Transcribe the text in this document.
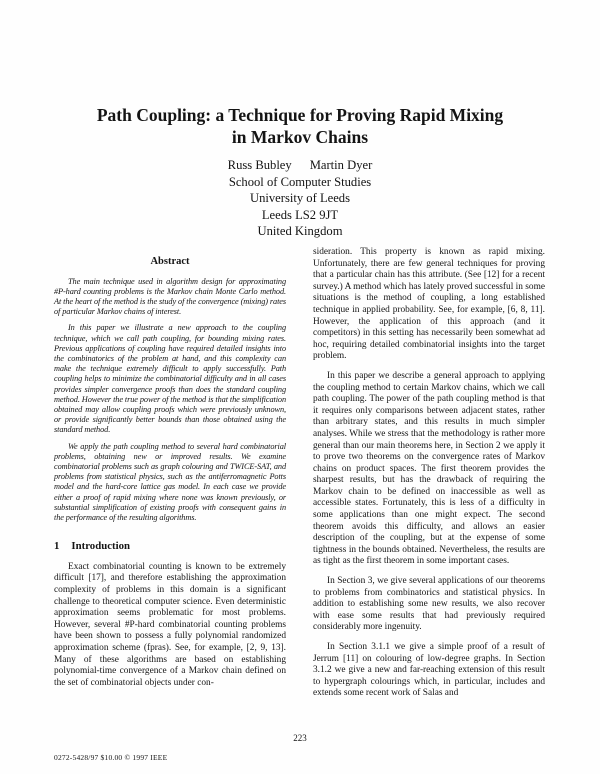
Path Coupling: a Technique for Proving Rapid Mixing
in Markov Chains
Russ Bubley Martin Dyer
School of Computer Studies
University of Leeds
Leeds LS2 9JT
United Kingdom
Abstract

The main technique used in algorithm design for approximating #P-hard counting problems is the Markov chain Monte Carlo method. At the heart of the method is the study of the convergence (mixing) rates of particular Markov chains of interest.

In this paper we illustrate a new approach to the coupling technique, which we call path coupling, for bounding mixing rates. Previous applications of coupling have required detailed insights into the combinatorics of the problem at hand, and this complexity can make the technique extremely difficult to apply successfully. Path coupling helps to minimize the combinatorial difficulty and in all cases provides simpler convergence proofs than does the standard coupling method. However the true power of the method is that the simplification obtained may allow coupling proofs which were previously unknown, or provide significantly better bounds than those obtained using the standard method.

We apply the path coupling method to several hard combinatorial problems, obtaining new or improved results. We examine combinatorial problems such as graph colouring and TWICE-SAT, and problems from statistical physics, such as the antiferromagnetic Potts model and the hard-core lattice gas model. In each case we provide either a proof of rapid mixing where none was known previously, or substantial simplification of existing proofs with consequent gains in the performance of the resulting algorithms.

1 Introduction

Exact combinatorial counting is known to be extremely difficult [17], and therefore establishing the approximation complexity of problems in this domain is a significant challenge to theoretical computer science. Even deterministic approximation seems problematic for most problems. However, several #P-hard combinatorial counting problems have been shown to possess a fully polynomial randomized approximation scheme (fpras). See, for example, [2, 9, 13]. Many of these algorithms are based on establishing polynomial-time convergence of a Markov chain defined on the set of combinatorial objects under con-

sideration. This property is known as rapid mixing. Unfortunately, there are few general techniques for proving that a particular chain has this attribute. (See [12] for a recent survey.) A method which has lately proved successful in some situations is the method of coupling, a long established technique in applied probability. See, for example, [6, 8, 11]. However, the application of this approach (and it competitors) in this setting has necessarily been somewhat ad hoc, requiring detailed combinatorial insights into the target problem.

In this paper we describe a general approach to applying the coupling method to certain Markov chains, which we call path coupling. The power of the path coupling method is that it requires only comparisons between adjacent states, rather than arbitrary states, and this results in much simpler analyses. While we stress that the methodology is rather more general than our main theorems here, in Section 2 we apply it to prove two theorems on the convergence rates of Markov chains on product spaces. The first theorem provides the sharpest results, but has the drawback of requiring the Markov chain to be defined on inaccessible as well as accessible states. Fortunately, this is less of a difficulty in some applications than one might expect. The second theorem avoids this difficulty, and allows an easier description of the coupling, but at the expense of some tightness in the bounds obtained. Nevertheless, the results are as tight as the first theorem in some important cases.

In Section 3, we give several applications of our theorems to problems from combinatorics and statistical physics. In addition to establishing some new results, we also recover with ease some results that had previously required considerably more ingenuity.

In Section 3.1.1 we give a simple proof of a result of Jerrum [11] on colouring of low-degree graphs. In Section 3.1.2 we give a new and far-reaching extension of this result to hypergraph colourings which, in particular, includes and extends some recent work of Salas and

223
0272-5428/97 $10.00 © 1997 IEEE
